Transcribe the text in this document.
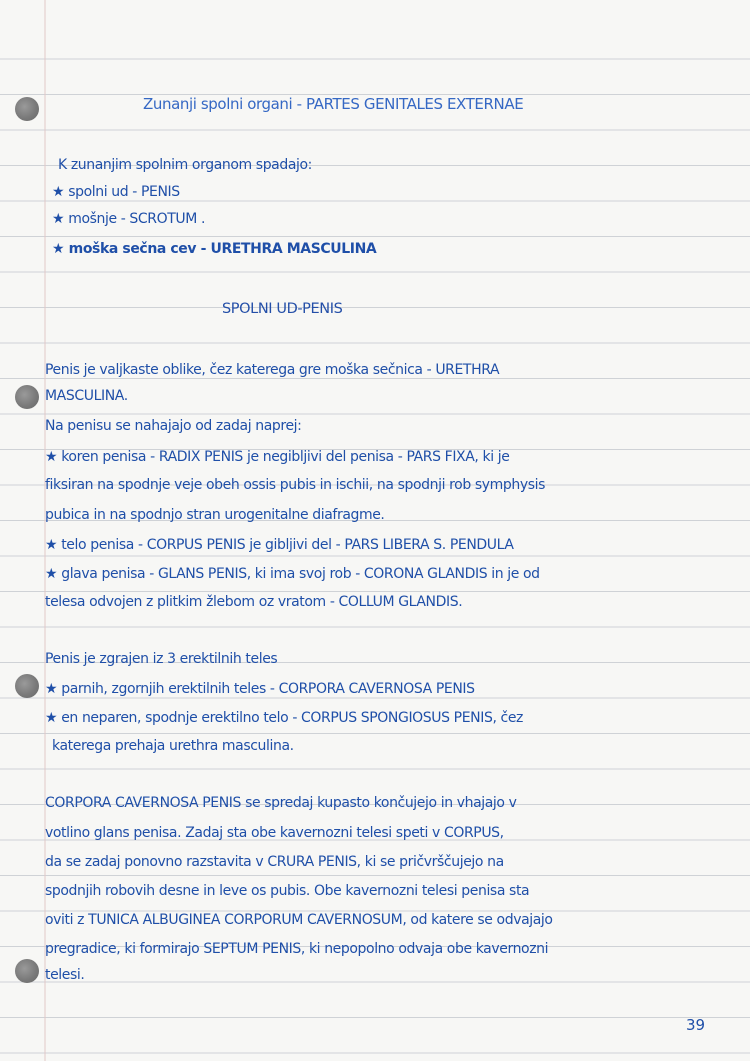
Zunanji spolni organi - PARTES GENITALES EXTERNAE
K zunanjim spolnim organom spadajo:
★ spolni ud - PENIS
★ mošnje - SCROTUM .
★ moška sečna cev - URETHRA MASCULINA
SPOLNI UD-PENIS
Penis je valjkaste oblike, čez katerega gre moška sečnica - URETHRA
MASCULINA.
Na penisu se nahajajo od zadaj naprej:
★ koren penisa - RADIX PENIS je negibljivi del penisa - PARS FIXA, ki je
fiksiran na spodnje veje obeh ossis pubis in ischii, na spodnji rob symphysis
pubica in na spodnjo stran urogenitalne diafragme.
★ telo penisa - CORPUS PENIS je gibljivi del - PARS LIBERA S. PENDULA
★ glava penisa - GLANS PENIS, ki ima svoj rob - CORONA GLANDIS in je od
telesa odvojen z plitkim žlebom oz vratom - COLLUM GLANDIS.
Penis je zgrajen iz 3 erektilnih teles
★ parnih, zgornjih erektilnih teles - CORPORA CAVERNOSA PENIS
★ en neparen, spodnje erektilno telo - CORPUS SPONGIOSUS PENIS, čez
katerega prehaja urethra masculina.
CORPORA CAVERNOSA PENIS se spredaj kupasto končujejo in vhajajo v
votlino glans penisa. Zadaj sta obe kavernozni telesi speti v CORPUS,
da se zadaj ponovno razstavita v CRURA PENIS, ki se pričvrščujejo na
spodnjih robovih desne in leve os pubis. Obe kavernozni telesi penisa sta
oviti z TUNICA ALBUGINEA CORPORUM CAVERNOSUM, od katere se odvajajo
pregradice, ki formirajo SEPTUM PENIS, ki nepopolno odvaja obe kavernozni
telesi.
39
